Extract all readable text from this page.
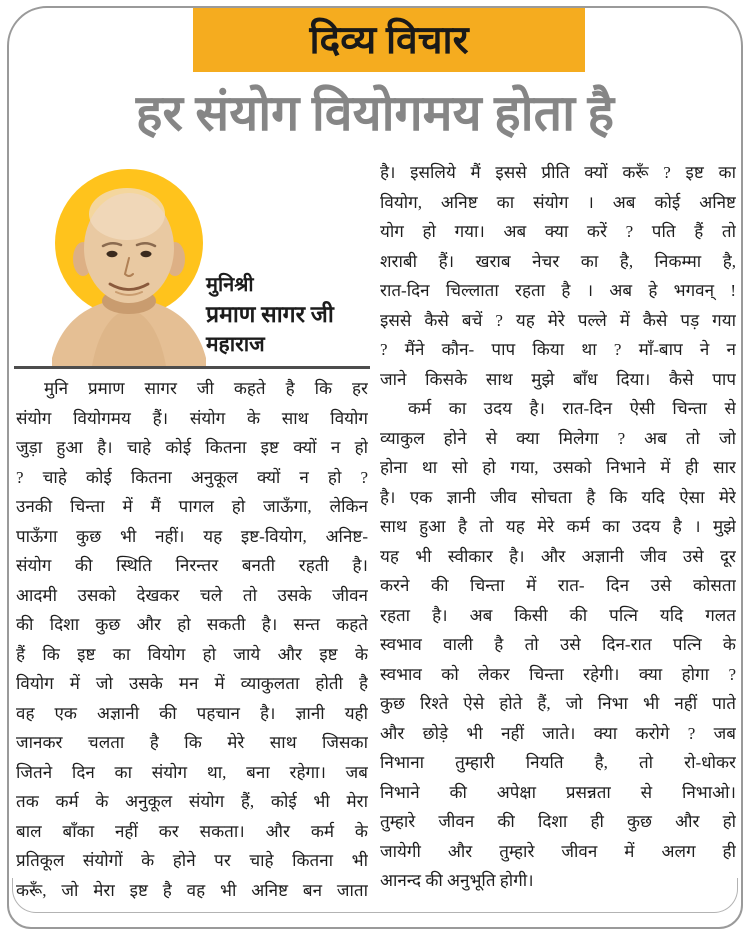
दिव्य विचार
हर संयोग वियोगमय होता है
मुनिश्री
प्रमाण सागर जी
महाराज
मुनि प्रमाण सागर जी कहते है कि हर
संयोग वियोगमय हैं। संयोग के साथ वियोग
जुड़ा हुआ है। चाहे कोई कितना इष्ट क्यों न हो
? चाहे कोई कितना अनुकूल क्यों न हो ?
उनकी चिन्ता में मैं पागल हो जाऊँगा, लेकिन
पाऊँगा कुछ भी नहीं। यह इष्ट-वियोग, अनिष्ट-
संयोग की स्थिति निरन्तर बनती रहती है।
आदमी उसको देखकर चले तो उसके जीवन
की दिशा कुछ और हो सकती है। सन्त कहते
हैं कि इष्ट का वियोग हो जाये और इष्ट के
वियोग में जो उसके मन में व्याकुलता होती है
वह एक अज्ञानी की पहचान है। ज्ञानी यही
जानकर चलता है कि मेरे साथ जिसका
जितने दिन का संयोग था, बना रहेगा। जब
तक कर्म के अनुकूल संयोग हैं, कोई भी मेरा
बाल बाँका नहीं कर सकता। और कर्म के
प्रतिकूल संयोगों के होने पर चाहे कितना भी
करूँ, जो मेरा इष्ट है वह भी अनिष्ट बन जाता
है। इसलिये मैं इससे प्रीति क्यों करूँ ? इष्ट का
वियोग, अनिष्ट का संयोग । अब कोई अनिष्ट
योग हो गया। अब क्या करें ? पति हैं तो
शराबी हैं। खराब नेचर का है, निकम्मा है,
रात-दिन चिल्लाता रहता है । अब हे भगवन् !
इससे कैसे बचें ? यह मेरे पल्ले में कैसे पड़ गया
? मैंने कौन- पाप किया था ? माँ-बाप ने न
जाने किसके साथ मुझे बाँध दिया। कैसे पाप
कर्म का उदय है। रात-दिन ऐसी चिन्ता से
व्याकुल होने से क्या मिलेगा ? अब तो जो
होना था सो हो गया, उसको निभाने में ही सार
है। एक ज्ञानी जीव सोचता है कि यदि ऐसा मेरे
साथ हुआ है तो यह मेरे कर्म का उदय है । मुझे
यह भी स्वीकार है। और अज्ञानी जीव उसे दूर
करने की चिन्ता में रात- दिन उसे कोसता
रहता है। अब किसी की पत्नि यदि गलत
स्वभाव वाली है तो उसे दिन-रात पत्नि के
स्वभाव को लेकर चिन्ता रहेगी। क्या होगा ?
कुछ रिश्ते ऐसे होते हैं, जो निभा भी नहीं पाते
और छोड़े भी नहीं जाते। क्या करोगे ? जब
निभाना तुम्हारी नियति है, तो रो-धोकर
निभाने की अपेक्षा प्रसन्नता से निभाओ।
तुम्हारे जीवन की दिशा ही कुछ और हो
जायेगी और तुम्हारे जीवन में अलग ही
आनन्द की अनुभूति होगी।
